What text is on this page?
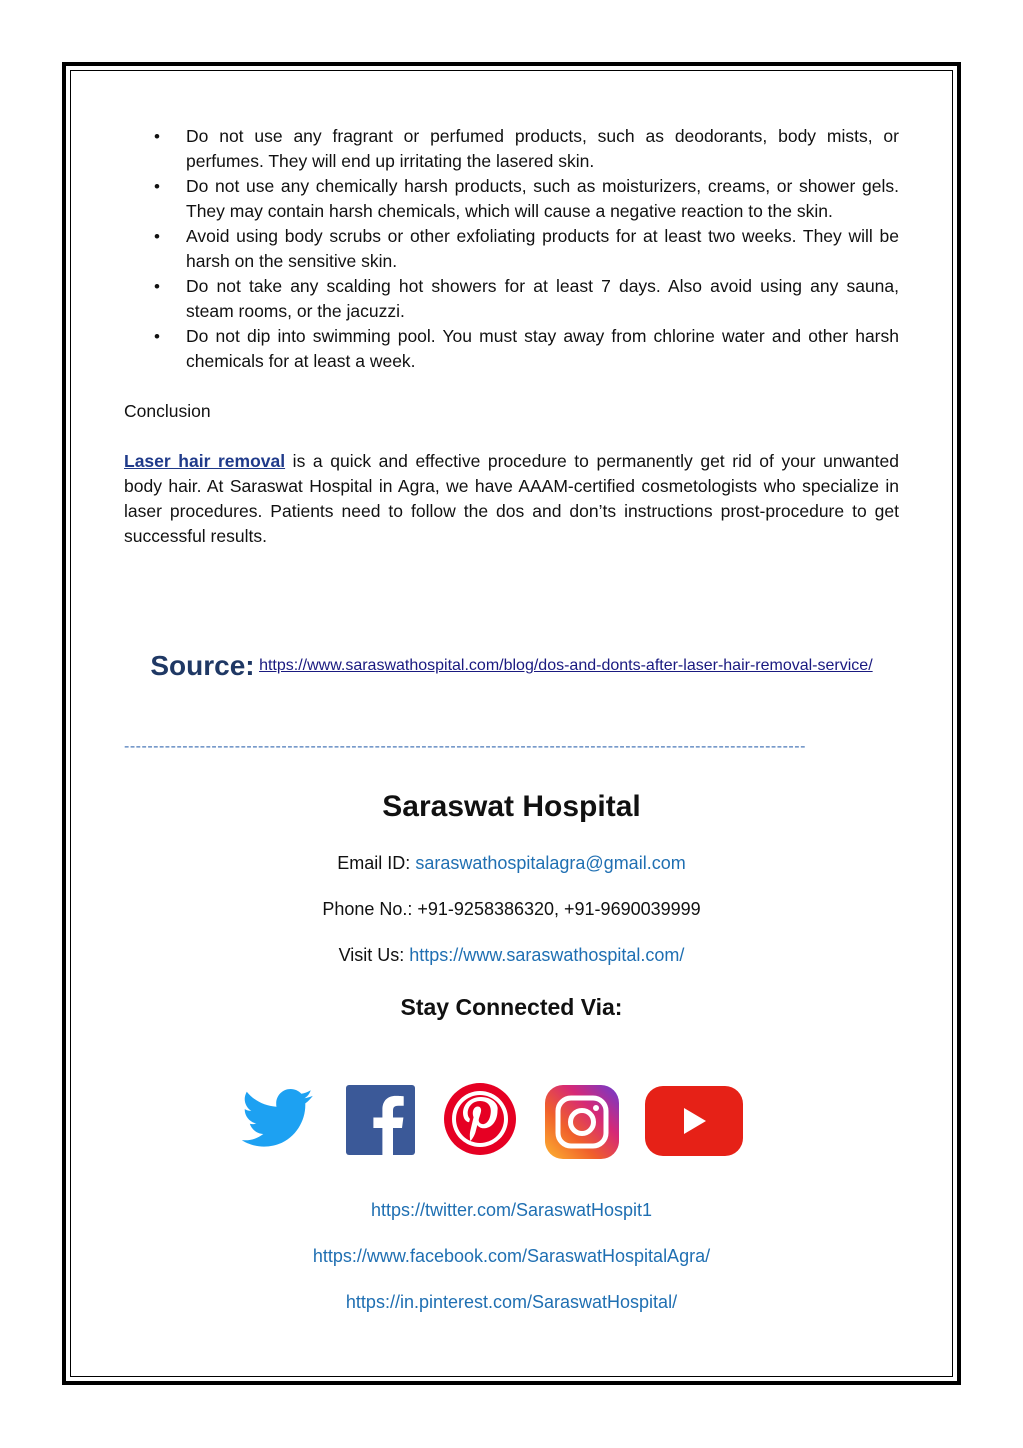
• Do not use any fragrant or perfumed products, such as deodorants, body mists, or perfumes. They will end up irritating the lasered skin.
• Do not use any chemically harsh products, such as moisturizers, creams, or shower gels. They may contain harsh chemicals, which will cause a negative reaction to the skin.
• Avoid using body scrubs or other exfoliating products for at least two weeks. They will be harsh on the sensitive skin.
• Do not take any scalding hot showers for at least 7 days. Also avoid using any sauna, steam rooms, or the jacuzzi.
• Do not dip into swimming pool. You must stay away from chlorine water and other harsh chemicals for at least a week.
Conclusion
Laser hair removal is a quick and effective procedure to permanently get rid of your unwanted body hair. At Saraswat Hospital in Agra, we have AAAM-certified cosmetologists who specialize in laser procedures. Patients need to follow the dos and don’ts instructions prost-procedure to get successful results.
Source: https://www.saraswathospital.com/blog/dos-and-donts-after-laser-hair-removal-service/
---------------------------------------------------------------------------------------------------------------------
Saraswat Hospital
Email ID: saraswathospitalagra@gmail.com
Phone No.: +91-9258386320, +91-9690039999
Visit Us: https://www.saraswathospital.com/
Stay Connected Via:
https://twitter.com/SaraswatHospit1
https://www.facebook.com/SaraswatHospitalAgra/
https://in.pinterest.com/SaraswatHospital/
